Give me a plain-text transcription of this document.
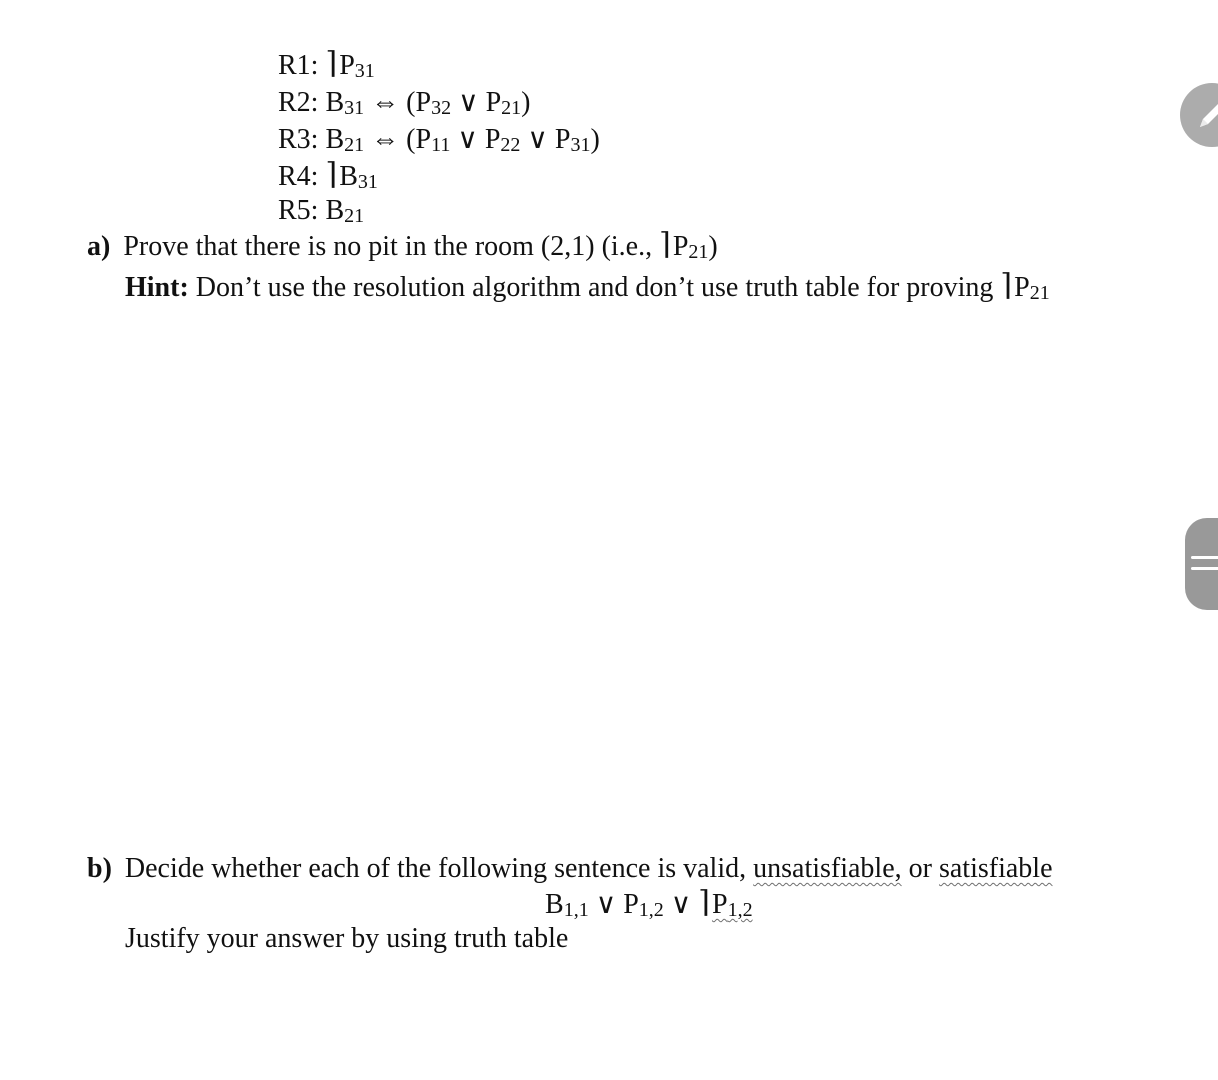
R1: $⌉P_{31}$
R2: $B_{31}$ ⇔ ($P_{32}$ ∨ $P_{21}$)
R3: $B_{21}$ ⇔ ($P_{11}$ ∨ $P_{22}$ ∨ $P_{31}$)
R4: $⌉B_{31}$
R5: $B_{21}$
a) Prove that there is no pit in the room (2,1) (i.e., $⌉P_{21}$)
Hint: Don’t use the resolution algorithm and don’t use truth table for proving $⌉P_{21}$
b) Decide whether each of the following sentence is valid, unsatisfiable, or satisfiable
$B_{1,1}$ ∨ $P_{1,2}$ ∨ $⌉P_{1,2}$
Justify your answer by using truth table
